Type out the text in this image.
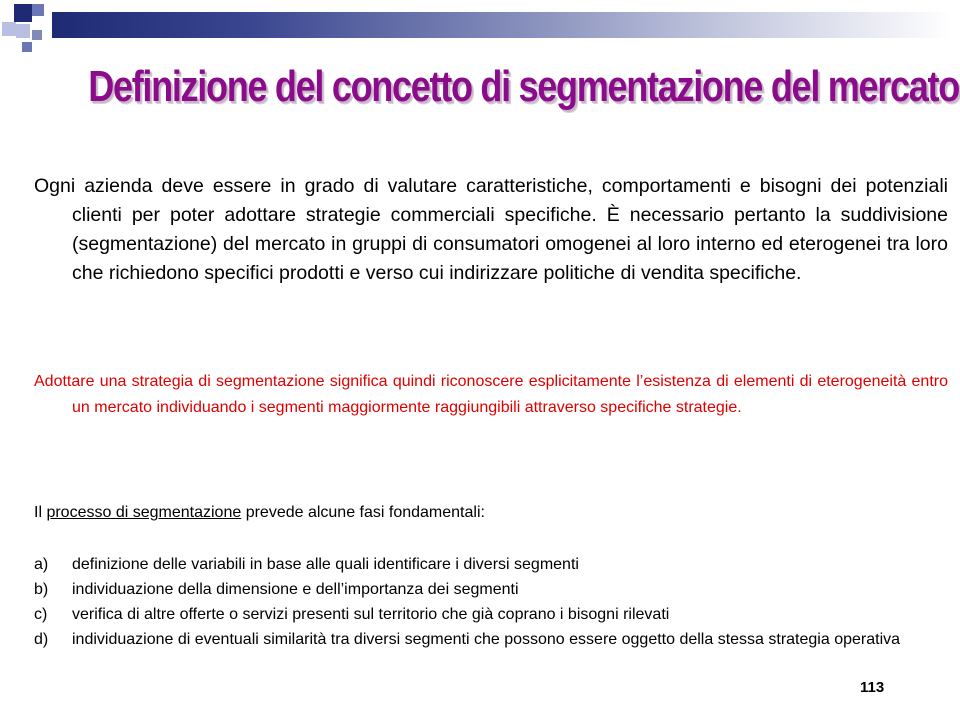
Definizione del concetto di segmentazione del mercato

Ogni azienda deve essere in grado di valutare caratteristiche, comportamenti e bisogni dei potenziali clienti per poter adottare strategie commerciali specifiche. È necessario pertanto la suddivisione (segmentazione) del mercato in gruppi di consumatori omogenei al loro interno ed eterogenei tra loro che richiedono specifici prodotti e verso cui indirizzare politiche di vendita specifiche.

Adottare una strategia di segmentazione significa quindi riconoscere esplicitamente l’esistenza di elementi di eterogeneità entro un mercato individuando i segmenti maggiormente raggiungibili attraverso specifiche strategie.

Il processo di segmentazione prevede alcune fasi fondamentali:

a) definizione delle variabili in base alle quali identificare i diversi segmenti
b) individuazione della dimensione e dell’importanza dei segmenti
c) verifica di altre offerte o servizi presenti sul territorio che già coprano i bisogni rilevati
d) individuazione di eventuali similarità tra diversi segmenti che possono essere oggetto della stessa strategia operativa
113
